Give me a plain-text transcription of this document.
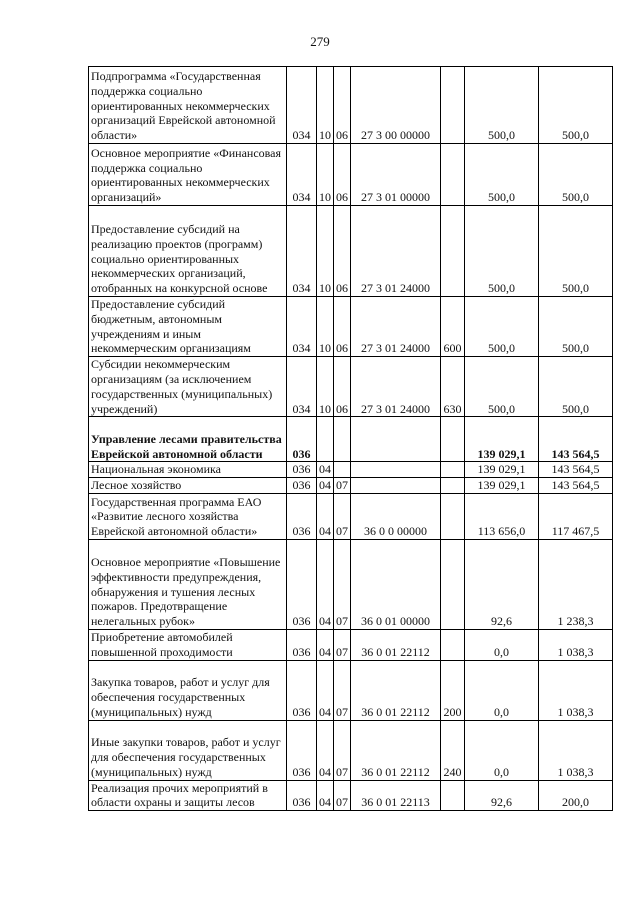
279
Подпрограмма «Государственная поддержка социально ориентированных некоммерческих организаций Еврейской автономной области»	034	10	06	27 3 00 00000		500,0	500,0
Основное мероприятие «Финансовая поддержка социально ориентированных некоммерческих организаций»	034	10	06	27 3 01 00000		500,0	500,0
Предоставление субсидий на реализацию проектов (программ) социально ориентированных некоммерческих организаций, отобранных на конкурсной основе	034	10	06	27 3 01 24000		500,0	500,0
Предоставление субсидий бюджетным, автономным учреждениям и иным некоммерческим организациям	034	10	06	27 3 01 24000	600	500,0	500,0
Субсидии некоммерческим организациям (за исключением государственных (муниципальных) учреждений)	034	10	06	27 3 01 24000	630	500,0	500,0
Управление лесами правительства Еврейской автономной области	036					139 029,1	143 564,5
Национальная экономика	036	04				139 029,1	143 564,5
Лесное хозяйство	036	04	07			139 029,1	143 564,5
Государственная программа ЕАО «Развитие лесного хозяйства Еврейской автономной области»	036	04	07	36 0 0 00000		113 656,0	117 467,5
Основное мероприятие «Повышение эффективности предупреждения, обнаружения и тушения лесных пожаров. Предотвращение нелегальных рубок»	036	04	07	36 0 01 00000		92,6	1 238,3
Приобретение автомобилей повышенной проходимости	036	04	07	36 0 01 22112		0,0	1 038,3
Закупка товаров, работ и услуг для обеспечения государственных (муниципальных) нужд	036	04	07	36 0 01 22112	200	0,0	1 038,3
Иные закупки товаров, работ и услуг для обеспечения государственных (муниципальных) нужд	036	04	07	36 0 01 22112	240	0,0	1 038,3
Реализация прочих мероприятий в области охраны и защиты лесов	036	04	07	36 0 01 22113		92,6	200,0
